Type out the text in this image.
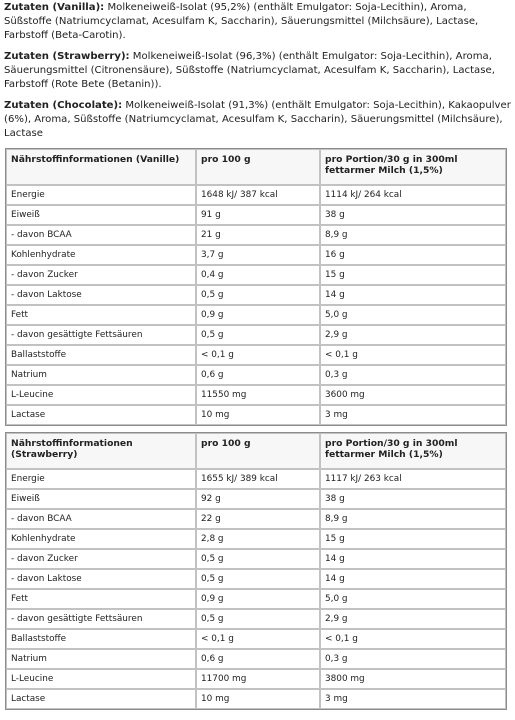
Zutaten (Vanilla): Molkeneiweiß-Isolat (95,2%) (enthält Emulgator: Soja-Lecithin), Aroma, Süßstoffe (Natriumcyclamat, Acesulfam K, Saccharin), Säuerungsmittel (Milchsäure), Lactase, Farbstoff (Beta-Carotin).

Zutaten (Strawberry): Molkeneiweiß-Isolat (96,3%) (enthält Emulgator: Soja-Lecithin), Aroma, Säuerungsmittel (Citronensäure), Süßstoffe (Natriumcyclamat, Acesulfam K, Saccharin), Lactase, Farbstoff (Rote Bete (Betanin)).

Zutaten (Chocolate): Molkeneiweiß-Isolat (91,3%) (enthält Emulgator: Soja-Lecithin), Kakaopulver (6%), Aroma, Süßstoffe (Natriumcyclamat, Acesulfam K, Saccharin), Säuerungsmittel (Milchsäure), Lactase

Nährstoffinformationen (Vanille)	pro 100 g	pro Portion/30 g in 300ml fettarmer Milch (1,5%)
Energie	1648 kJ/ 387 kcal	1114 kJ/ 264 kcal
Eiweiß	91 g	38 g
- davon BCAA	21 g	8,9 g
Kohlenhydrate	3,7 g	16 g
- davon Zucker	0,4 g	15 g
- davon Laktose	0,5 g	14 g
Fett	0,9 g	5,0 g
- davon gesättigte Fettsäuren	0,5 g	2,9 g
Ballaststoffe	< 0,1 g	< 0,1 g
Natrium	0,6 g	0,3 g
L-Leucine	11550 mg	3600 mg
Lactase	10 mg	3 mg
Nährstoffinformationen (Strawberry)	pro 100 g	pro Portion/30 g in 300ml fettarmer Milch (1,5%)
Energie	1655 kJ/ 389 kcal	1117 kJ/ 263 kcal
Eiweiß	92 g	38 g
- davon BCAA	22 g	8,9 g
Kohlenhydrate	2,8 g	15 g
- davon Zucker	0,5 g	14 g
- davon Laktose	0,5 g	14 g
Fett	0,9 g	5,0 g
- davon gesättigte Fettsäuren	0,5 g	2,9 g
Ballaststoffe	< 0,1 g	< 0,1 g
Natrium	0,6 g	0,3 g
L-Leucine	11700 mg	3800 mg
Lactase	10 mg	3 mg
